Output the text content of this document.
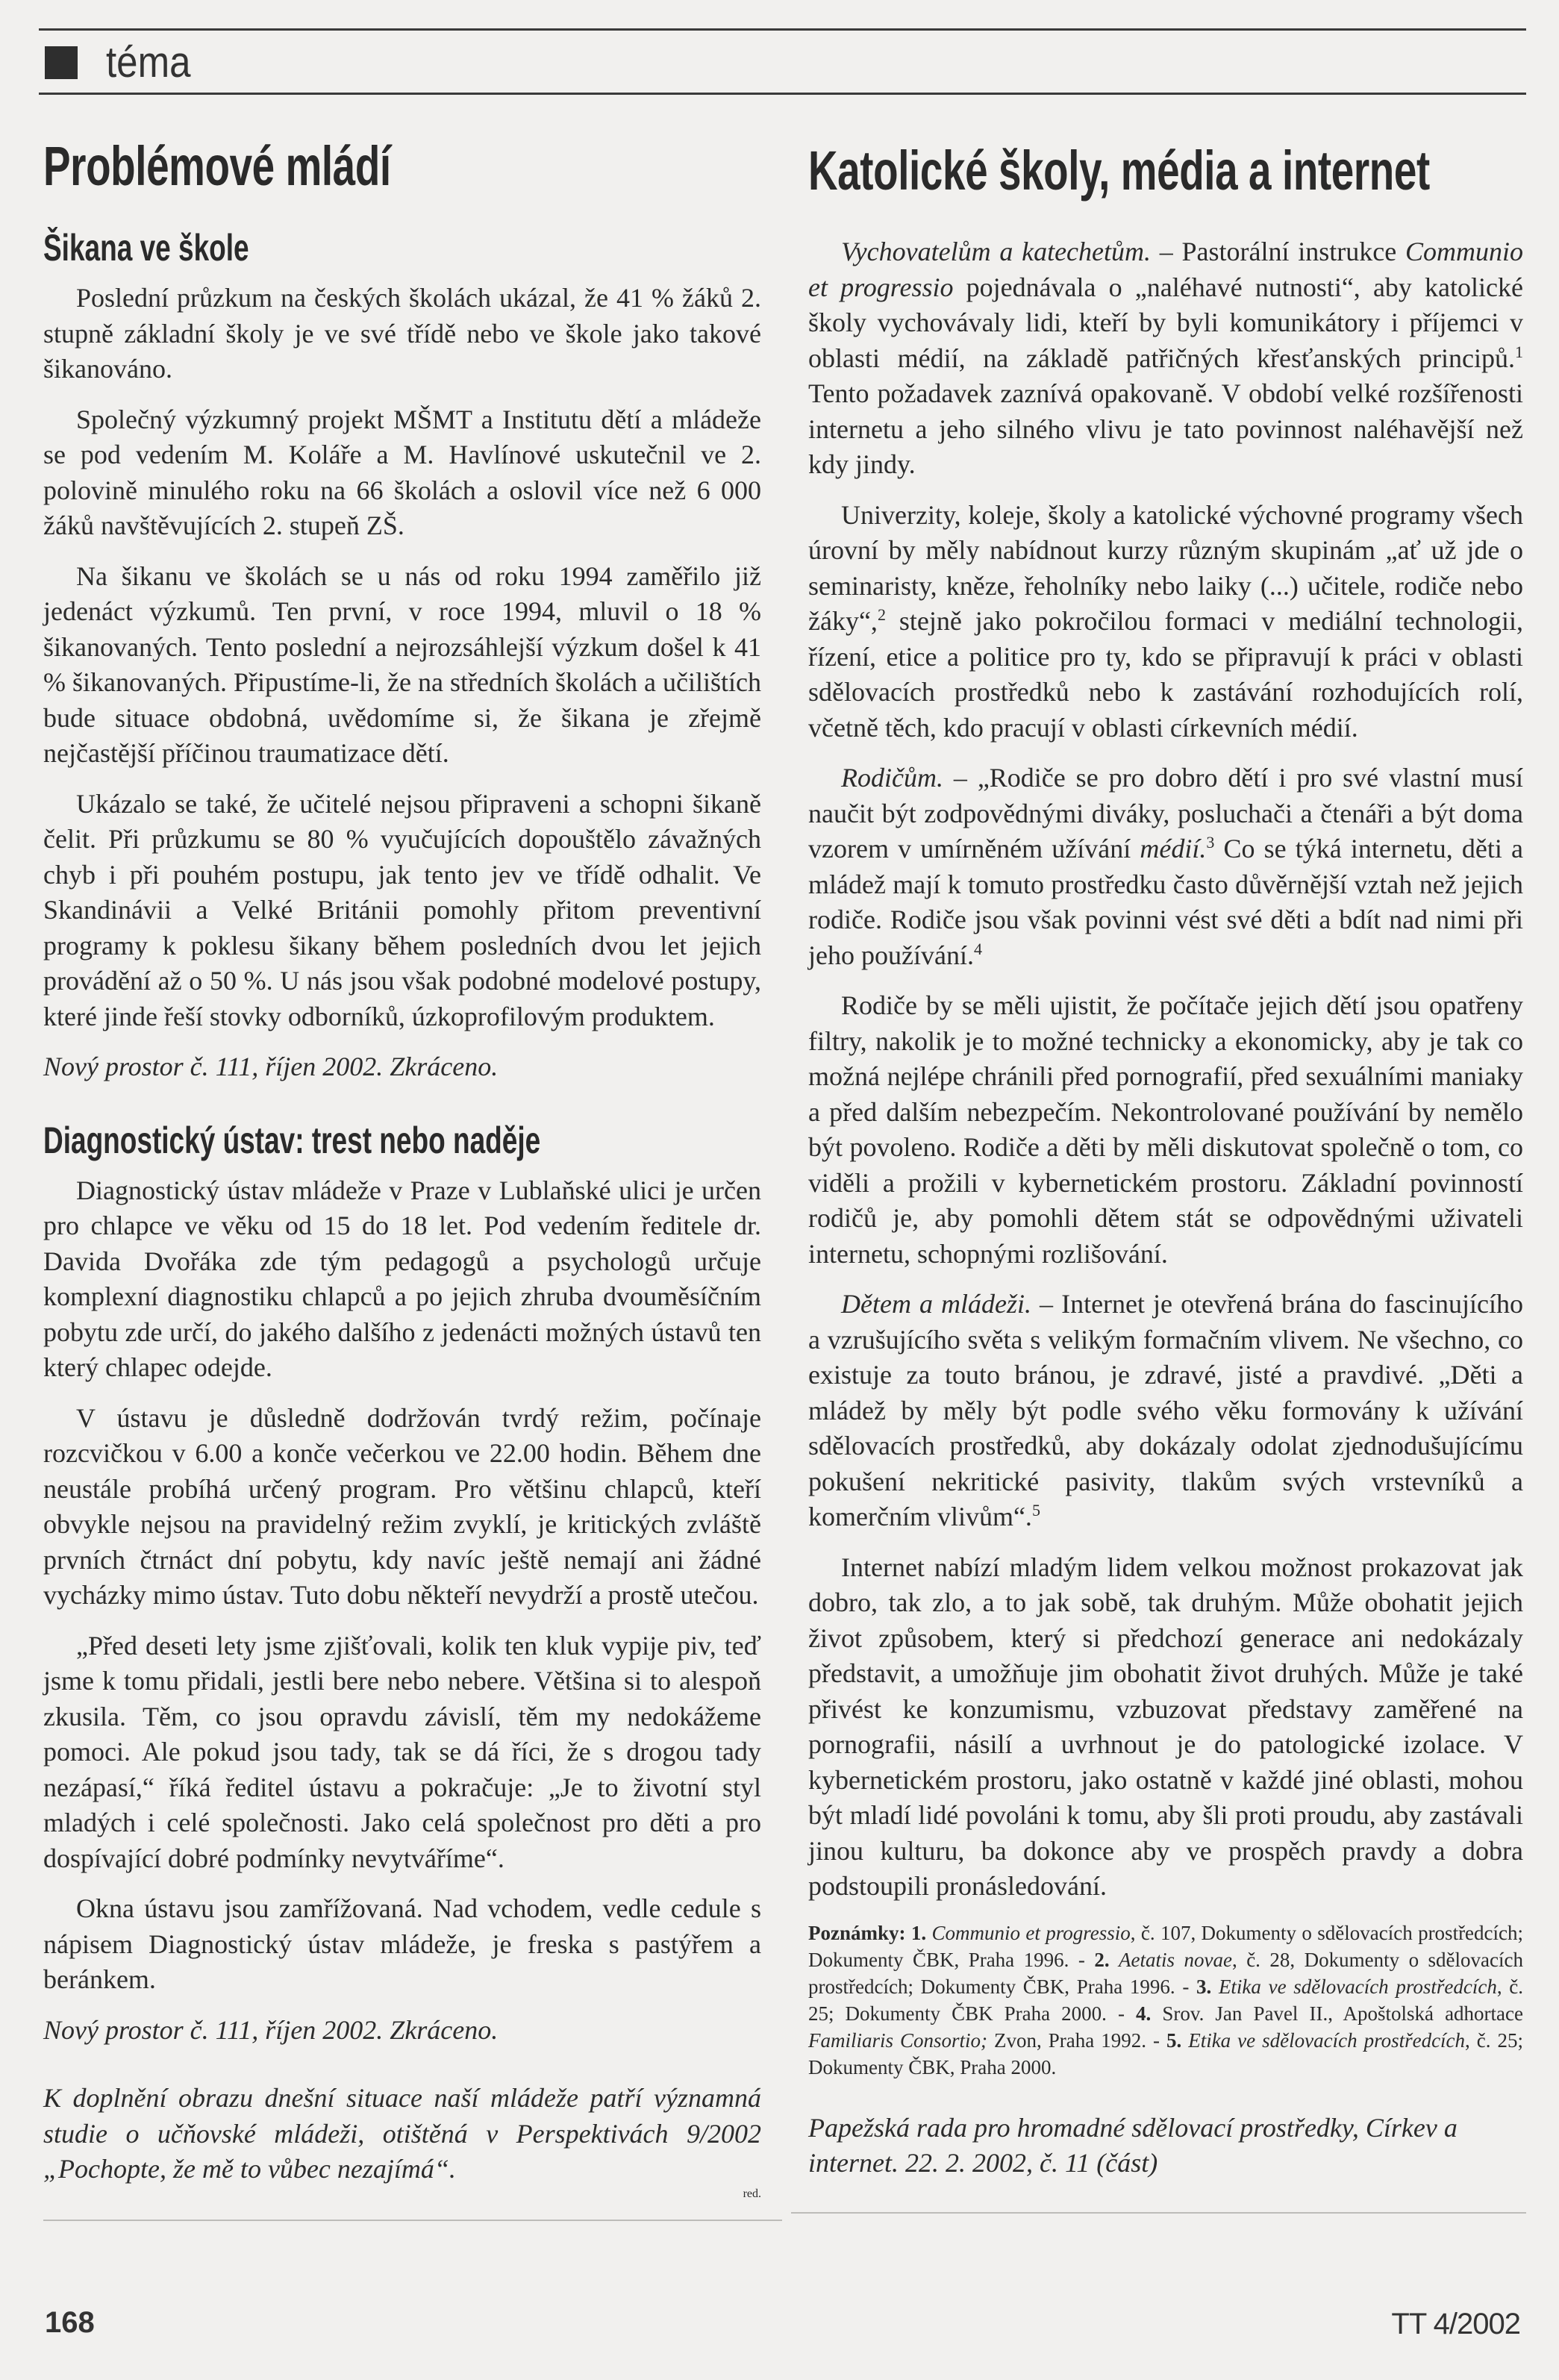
téma
Problémové mládí
Šikana ve škole

Poslední průzkum na českých školách ukázal, že 41 % žáků 2. stupně základní školy je ve své třídě nebo ve škole jako takové šikanováno.

Společný výzkumný projekt MŠMT a Institutu dětí a mládeže se pod vedením M. Koláře a M. Havlínové uskutečnil ve 2. polovině minulého roku na 66 školách a oslovil více než 6 000 žáků navštěvujících 2. stupeň ZŠ.

Na šikanu ve školách se u nás od roku 1994 zaměřilo již jedenáct výzkumů. Ten první, v roce 1994, mluvil o 18 % šikanovaných. Tento poslední a nejrozsáhlejší výzkum došel k 41 % šikanovaných. Připustíme-li, že na středních školách a učilištích bude situace obdobná, uvědomíme si, že šikana je zřejmě nejčastější příčinou traumatizace dětí.

Ukázalo se také, že učitelé nejsou připraveni a schopni šikaně čelit. Při průzkumu se 80 % vyučujících dopouštělo závažných chyb i při pouhém postupu, jak tento jev ve třídě odhalit. Ve Skandinávii a Velké Británii pomohly přitom preventivní programy k poklesu šikany během posledních dvou let jejich provádění až o 50 %. U nás jsou však podobné modelové postupy, které jinde řeší stovky odborníků, úzkoprofilovým produktem.

Nový prostor č. 111, říjen 2002. Zkráceno.

Diagnostický ústav: trest nebo naděje

Diagnostický ústav mládeže v Praze v Lublaňské ulici je určen pro chlapce ve věku od 15 do 18 let. Pod vedením ředitele dr. Davida Dvořáka zde tým pedagogů a psychologů určuje komplexní diagnostiku chlapců a po jejich zhruba dvouměsíčním pobytu zde určí, do jakého dalšího z jedenácti možných ústavů ten který chlapec odejde.

V ústavu je důsledně dodržován tvrdý režim, počínaje rozcvičkou v 6.00 a konče večerkou ve 22.00 hodin. Během dne neustále probíhá určený program. Pro většinu chlapců, kteří obvykle nejsou na pravidelný režim zvyklí, je kritických zvláště prvních čtrnáct dní pobytu, kdy navíc ještě nemají ani žádné vycházky mimo ústav. Tuto dobu někteří nevydrží a prostě utečou.

„Před deseti lety jsme zjišťovali, kolik ten kluk vypije piv, teď jsme k tomu přidali, jestli bere nebo nebere. Většina si to alespoň zkusila. Těm, co jsou opravdu závislí, těm my nedokážeme pomoci. Ale pokud jsou tady, tak se dá říci, že s drogou tady nezápasí,“ říká ředitel ústavu a pokračuje: „Je to životní styl mladých i celé společnosti. Jako celá společnost pro děti a pro dospívající dobré podmínky nevytváříme“.

Okna ústavu jsou zamřížovaná. Nad vchodem, vedle cedule s nápisem Diagnostický ústav mládeže, je freska s pastýřem a beránkem.

Nový prostor č. 111, říjen 2002. Zkráceno.

K doplnění obrazu dnešní situace naší mládeže patří významná studie o učňovské mládeži, otištěná v Perspektivách 9/2002 „Pochopte, že mě to vůbec nezajímá“.

red.
Katolické školy, média a internet

Vychovatelům a katechetům. – Pastorální instrukce Communio et progressio pojednávala o „naléhavé nutnosti“, aby katolické školy vychovávaly lidi, kteří by byli komunikátory i příjemci v oblasti médií, na základě patřičných křesťanských principů.$^1$ Tento požadavek zaznívá opakovaně. V období velké rozšířenosti internetu a jeho silného vlivu je tato povinnost naléhavější než kdy jindy.

Univerzity, koleje, školy a katolické výchovné programy všech úrovní by měly nabídnout kurzy různým skupinám „ať už jde o seminaristy, kněze, řeholníky nebo laiky (...) učitele, rodiče nebo žáky“,$^2$ stejně jako pokročilou formaci v mediální technologii, řízení, etice a politice pro ty, kdo se připravují k práci v oblasti sdělovacích prostředků nebo k zastávání rozhodujících rolí, včetně těch, kdo pracují v oblasti církevních médií.

Rodičům. – „Rodiče se pro dobro dětí i pro své vlastní musí naučit být zodpovědnými diváky, posluchači a čtenáři a být doma vzorem v umírněném užívání médií.$^3$ Co se týká internetu, děti a mládež mají k tomuto prostředku často důvěrnější vztah než jejich rodiče. Rodiče jsou však povinni vést své děti a bdít nad nimi při jeho používání.$^4$

Rodiče by se měli ujistit, že počítače jejich dětí jsou opatřeny filtry, nakolik je to možné technicky a ekonomicky, aby je tak co možná nejlépe chránili před pornografií, před sexuálními maniaky a před dalším nebezpečím. Nekontrolované používání by nemělo být povoleno. Rodiče a děti by měli diskutovat společně o tom, co viděli a prožili v kybernetickém prostoru. Základní povinností rodičů je, aby pomohli dětem stát se odpovědnými uživateli internetu, schopnými rozlišování.

Dětem a mládeži. – Internet je otevřená brána do fascinujícího a vzrušujícího světa s velikým formačním vlivem. Ne všechno, co existuje za touto bránou, je zdravé, jisté a pravdivé. „Děti a mládež by měly být podle svého věku formovány k užívání sdělovacích prostředků, aby dokázaly odolat zjednodušujícímu pokušení nekritické pasivity, tlakům svých vrstevníků a komerčním vlivům“.$^5$

Internet nabízí mladým lidem velkou možnost prokazovat jak dobro, tak zlo, a to jak sobě, tak druhým. Může obohatit jejich život způsobem, který si předchozí generace ani nedokázaly představit, a umožňuje jim obohatit život druhých. Může je také přivést ke konzumismu, vzbuzovat představy zaměřené na pornografii, násilí a uvrhnout je do patologické izolace. V kybernetickém prostoru, jako ostatně v každé jiné oblasti, mohou být mladí lidé povoláni k tomu, aby šli proti proudu, aby zastávali jinou kulturu, ba dokonce aby ve prospěch pravdy a dobra podstoupili pronásledování.

Poznámky: 1. Communio et progressio, č. 107, Dokumenty o sdělovacích prostředcích; Dokumenty ČBK, Praha 1996. - 2. Aetatis novae, č. 28, Dokumenty o sdělovacích prostředcích; Dokumenty ČBK, Praha 1996. - 3. Etika ve sdělovacích prostředcích, č. 25; Dokumenty ČBK Praha 2000. - 4. Srov. Jan Pavel II., Apoštolská adhortace Familiaris Consortio; Zvon, Praha 1992. - 5. Etika ve sdělovacích prostředcích, č. 25; Dokumenty ČBK, Praha 2000.

Papežská rada pro hromadné sdělovací prostředky, Církev a internet. 22. 2. 2002, č. 11 (část)

168	TT 4/2002
